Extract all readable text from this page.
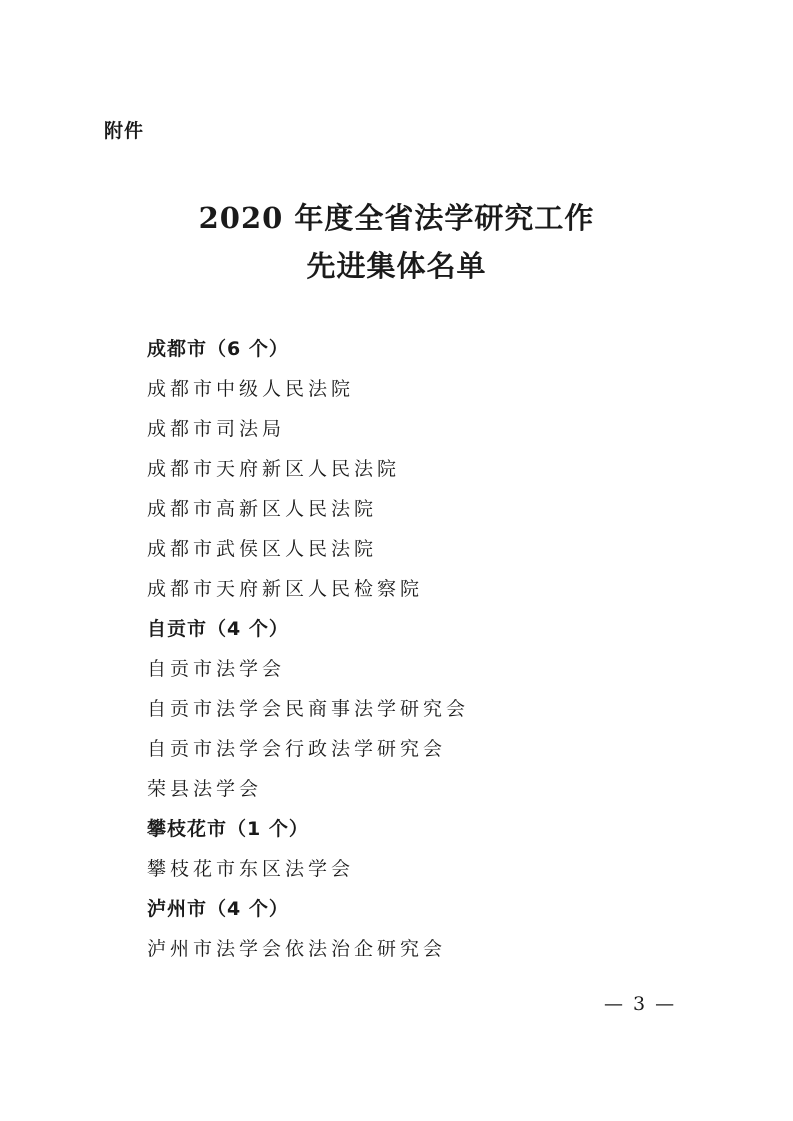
附件
2020 年度全省法学研究工作
先进集体名单
成都市（6 个）
成都市中级人民法院
成都市司法局
成都市天府新区人民法院
成都市高新区人民法院
成都市武侯区人民法院
成都市天府新区人民检察院
自贡市（4 个）
自贡市法学会
自贡市法学会民商事法学研究会
自贡市法学会行政法学研究会
荣县法学会
攀枝花市（1 个）
攀枝花市东区法学会
泸州市（4 个）
泸州市法学会依法治企研究会
— 3 —
